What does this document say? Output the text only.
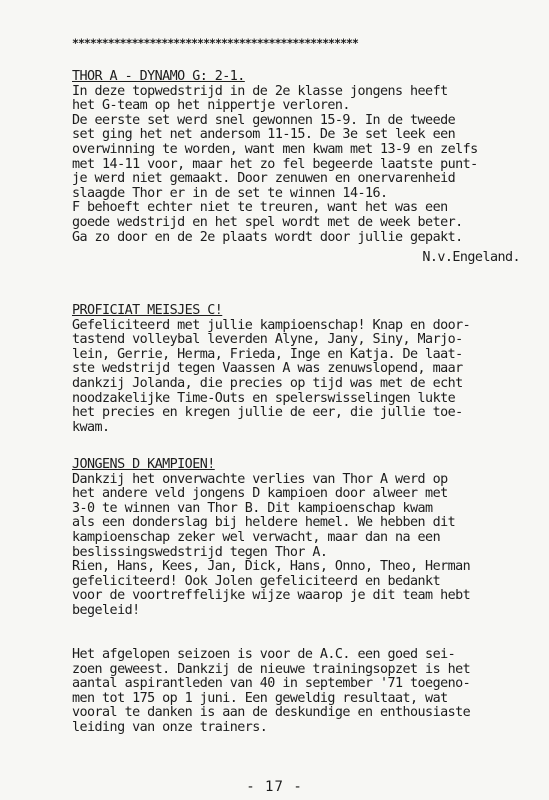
************************************************
THOR A - DYNAMO G: 2-1.
In deze topwedstrijd in de 2e klasse jongens heeft
het G-team op het nippertje verloren.
De eerste set werd snel gewonnen 15-9. In de tweede
set ging het net andersom 11-15. De 3e set leek een
overwinning te worden, want men kwam met 13-9 en zelfs
met 14-11 voor, maar het zo fel begeerde laatste punt-
je werd niet gemaakt. Door zenuwen en onervarenheid
slaagde Thor er in de set te winnen 14-16.
F behoeft echter niet te treuren, want het was een
goede wedstrijd en het spel wordt met de week beter.
Ga zo door en de 2e plaats wordt door jullie gepakt.
N.v.Engeland.
PROFICIAT MEISJES C!
Gefeliciteerd met jullie kampioenschap! Knap en door-
tastend volleybal leverden Alyne, Jany, Siny, Marjo-
lein, Gerrie, Herma, Frieda, Inge en Katja. De laat-
ste wedstrijd tegen Vaassen A was zenuwslopend, maar
dankzij Jolanda, die precies op tijd was met de echt
noodzakelijke Time-Outs en spelerswisselingen lukte
het precies en kregen jullie de eer, die jullie toe-
kwam.
JONGENS D KAMPIOEN!
Dankzij het onverwachte verlies van Thor A werd op
het andere veld jongens D kampioen door alweer met
3-0 te winnen van Thor B. Dit kampioenschap kwam
als een donderslag bij heldere hemel. We hebben dit
kampioenschap zeker wel verwacht, maar dan na een
beslissingswedstrijd tegen Thor A.
Rien, Hans, Kees, Jan, Dick, Hans, Onno, Theo, Herman
gefeliciteerd! Ook Jolen gefeliciteerd en bedankt
voor de voortreffelijke wijze waarop je dit team hebt
begeleid!
Het afgelopen seizoen is voor de A.C. een goed sei-
zoen geweest. Dankzij de nieuwe trainingsopzet is het
aantal aspirantleden van 40 in september '71 toegeno-
men tot 175 op 1 juni. Een geweldig resultaat, wat
vooral te danken is aan de deskundige en enthousiaste
leiding van onze trainers.
- 17 -
